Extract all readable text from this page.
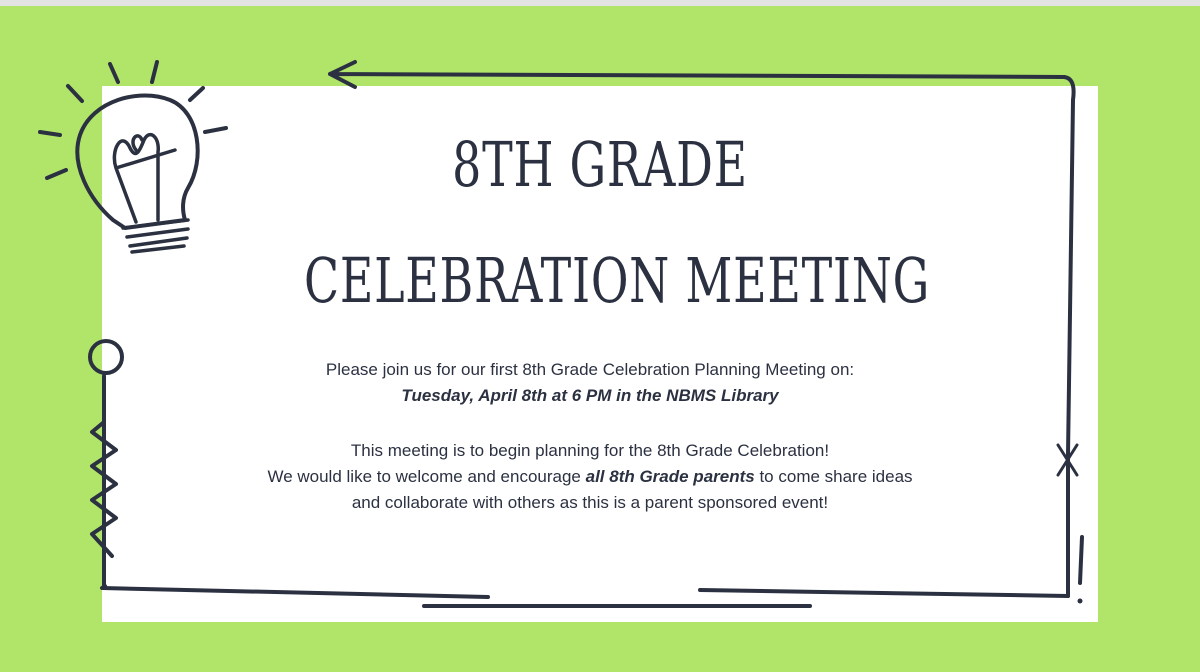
8TH GRADE
CELEBRATION MEETING

Please join us for our first 8th Grade Celebration Planning Meeting on:

Tuesday, April 8th at 6 PM in the NBMS Library

This meeting is to begin planning for the 8th Grade Celebration!

We would like to welcome and encourage all 8th Grade parents to come share ideas

and collaborate with others as this is a parent sponsored event!
